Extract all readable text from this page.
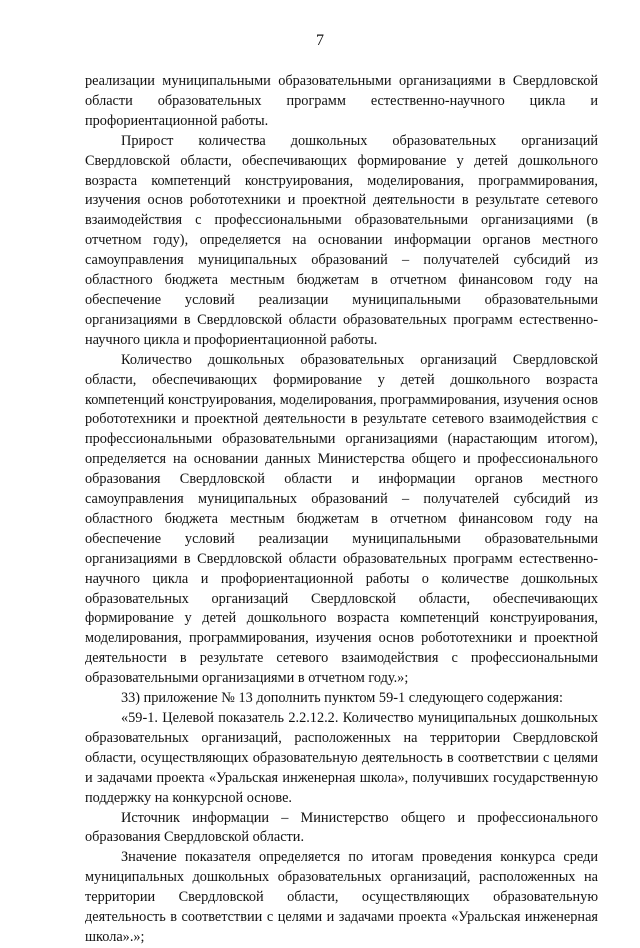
7

реализации муниципальными образовательными организациями в Свердловской области образовательных программ естественно-научного цикла и профориентационной работы.

Прирост количества дошкольных образовательных организаций Свердловской области, обеспечивающих формирование у детей дошкольного возраста компетенций конструирования, моделирования, программирования, изучения основ робототехники и проектной деятельности в результате сетевого взаимодействия с профессиональными образовательными организациями (в отчетном году), определяется на основании информации органов местного самоуправления муниципальных образований – получателей субсидий из областного бюджета местным бюджетам в отчетном финансовом году на обеспечение условий реализации муниципальными образовательными организациями в Свердловской области образовательных программ естественно-научного цикла и профориентационной работы.

Количество дошкольных образовательных организаций Свердловской области, обеспечивающих формирование у детей дошкольного возраста компетенций конструирования, моделирования, программирования, изучения основ робототехники и проектной деятельности в результате сетевого взаимодействия с профессиональными образовательными организациями (нарастающим итогом), определяется на основании данных Министерства общего и профессионального образования Свердловской области и информации органов местного самоуправления муниципальных образований – получателей субсидий из областного бюджета местным бюджетам в отчетном финансовом году на обеспечение условий реализации муниципальными образовательными организациями в Свердловской области образовательных программ естественно-научного цикла и профориентационной работы о количестве дошкольных образовательных организаций Свердловской области, обеспечивающих формирование у детей дошкольного возраста компетенций конструирования, моделирования, программирования, изучения основ робототехники и проектной деятельности в результате сетевого взаимодействия с профессиональными образовательными организациями в отчетном году.»;

33) приложение № 13 дополнить пунктом 59-1 следующего содержания:

«59-1. Целевой показатель 2.2.12.2. Количество муниципальных дошкольных образовательных организаций, расположенных на территории Свердловской области, осуществляющих образовательную деятельность в соответствии с целями и задачами проекта «Уральская инженерная школа», получивших государственную поддержку на конкурсной основе.

Источник информации – Министерство общего и профессионального образования Свердловской области.

Значение показателя определяется по итогам проведения конкурса среди муниципальных дошкольных образовательных организаций, расположенных на территории Свердловской области, осуществляющих образовательную деятельность в соответствии с целями и задачами проекта «Уральская инженерная школа».»;
